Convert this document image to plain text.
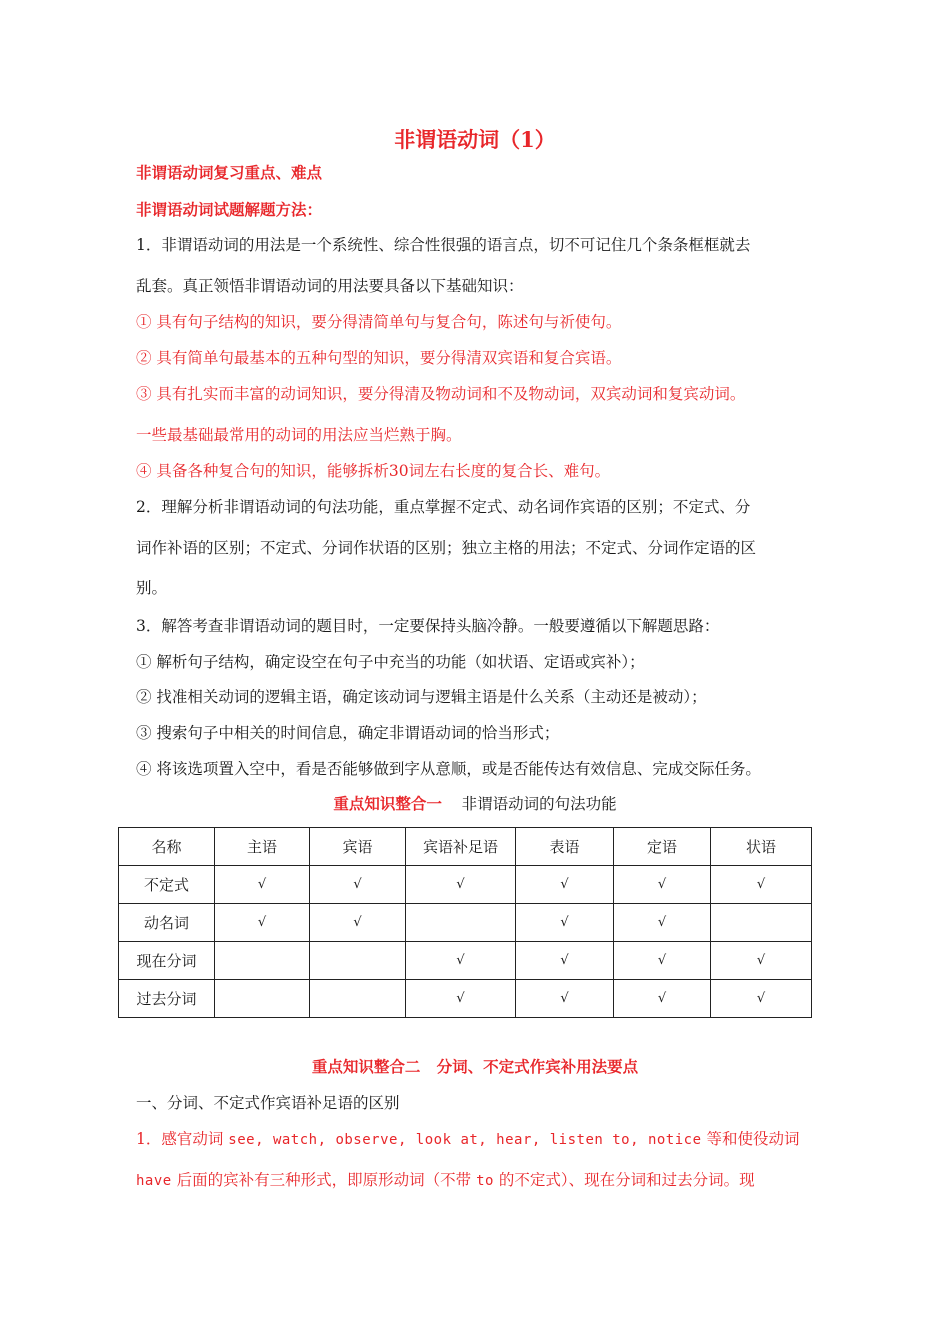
非谓语动词（1）
非谓语动词复习重点、难点
非谓语动词试题解题方法：
1．非谓语动词的用法是一个系统性、综合性很强的语言点，切不可记住几个条条框框就去
乱套。真正领悟非谓语动词的用法要具备以下基础知识：
① 具有句子结构的知识，要分得清简单句与复合句，陈述句与祈使句。
② 具有简单句最基本的五种句型的知识，要分得清双宾语和复合宾语。
③ 具有扎实而丰富的动词知识，要分得清及物动词和不及物动词，双宾动词和复宾动词。
一些最基础最常用的动词的用法应当烂熟于胸。
④ 具备各种复合句的知识，能够拆析30词左右长度的复合长、难句。
2．理解分析非谓语动词的句法功能，重点掌握不定式、动名词作宾语的区别；不定式、分
词作补语的区别；不定式、分词作状语的区别；独立主格的用法；不定式、分词作定语的区
别。
3．解答考查非谓语动词的题目时，一定要保持头脑冷静。一般要遵循以下解题思路：
① 解析句子结构，确定设空在句子中充当的功能（如状语、定语或宾补）；
② 找准相关动词的逻辑主语，确定该动词与逻辑主语是什么关系（主动还是被动）；
③ 搜索句子中相关的时间信息，确定非谓语动词的恰当形式；
④ 将该选项置入空中，看是否能够做到字从意顺，或是否能传达有效信息、完成交际任务。
重点知识整合一 非谓语动词的句法功能
名称	主语	宾语	宾语补足语	表语	定语	状语
不定式	√	√	√	√	√	√
动名词	√	√		√	√	
现在分词			√	√	√	√
过去分词			√	√	√	√
重点知识整合二 分词、不定式作宾补用法要点
一、分词、不定式作宾语补足语的区别
1．感官动词 see, watch, observe, look at, hear, listen to, notice 等和使役动词
have 后面的宾补有三种形式，即原形动词（不带 to 的不定式）、现在分词和过去分词。现
